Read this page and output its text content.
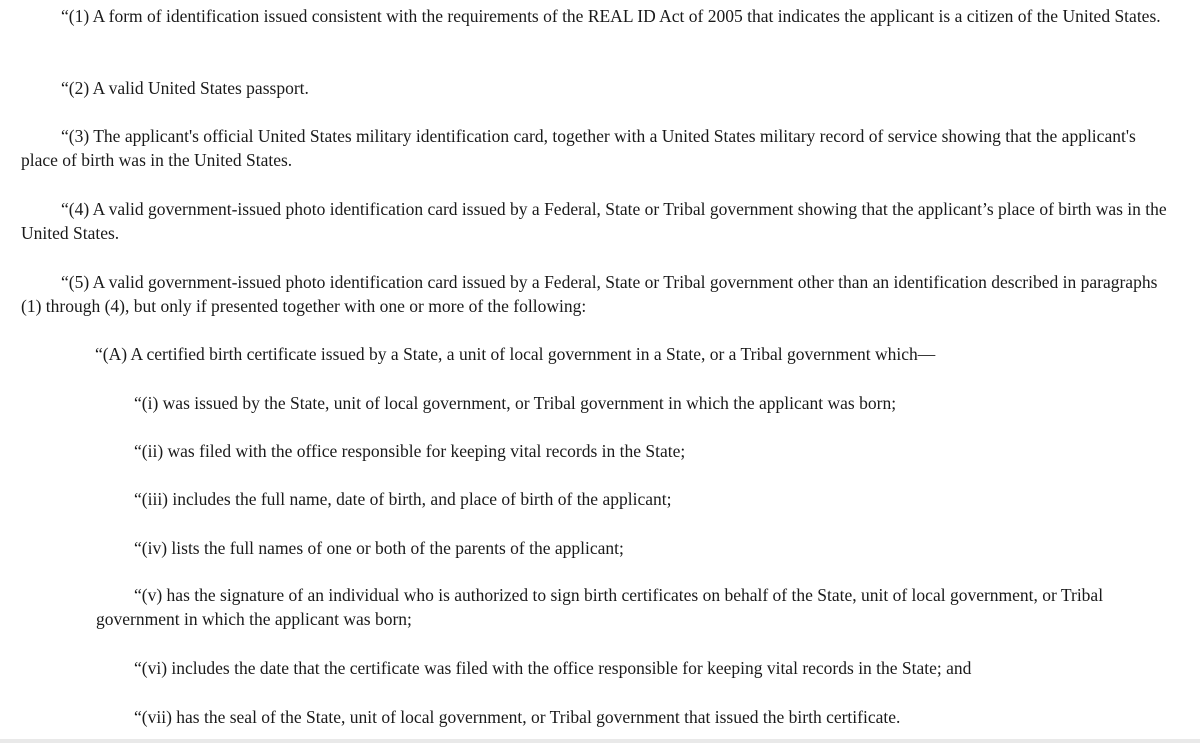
“(1) A form of identification issued consistent with the requirements of the REAL ID Act of 2005 that indicates the applicant is a citizen of the United States.

“(2) A valid United States passport.

“(3) The applicant's official United States military identification card, together with a United States military record of service showing that the applicant's place of birth was in the United States.

“(4) A valid government-issued photo identification card issued by a Federal, State or Tribal government showing that the applicant’s place of birth was in the United States.

“(5) A valid government-issued photo identification card issued by a Federal, State or Tribal government other than an identification described in paragraphs (1) through (4), but only if presented together with one or more of the following:

“(A) A certified birth certificate issued by a State, a unit of local government in a State, or a Tribal government which—

“(i) was issued by the State, unit of local government, or Tribal government in which the applicant was born;

“(ii) was filed with the office responsible for keeping vital records in the State;

“(iii) includes the full name, date of birth, and place of birth of the applicant;

“(iv) lists the full names of one or both of the parents of the applicant;

“(v) has the signature of an individual who is authorized to sign birth certificates on behalf of the State, unit of local government, or Tribal government in which the applicant was born;

“(vi) includes the date that the certificate was filed with the office responsible for keeping vital records in the State; and

“(vii) has the seal of the State, unit of local government, or Tribal government that issued the birth certificate.
